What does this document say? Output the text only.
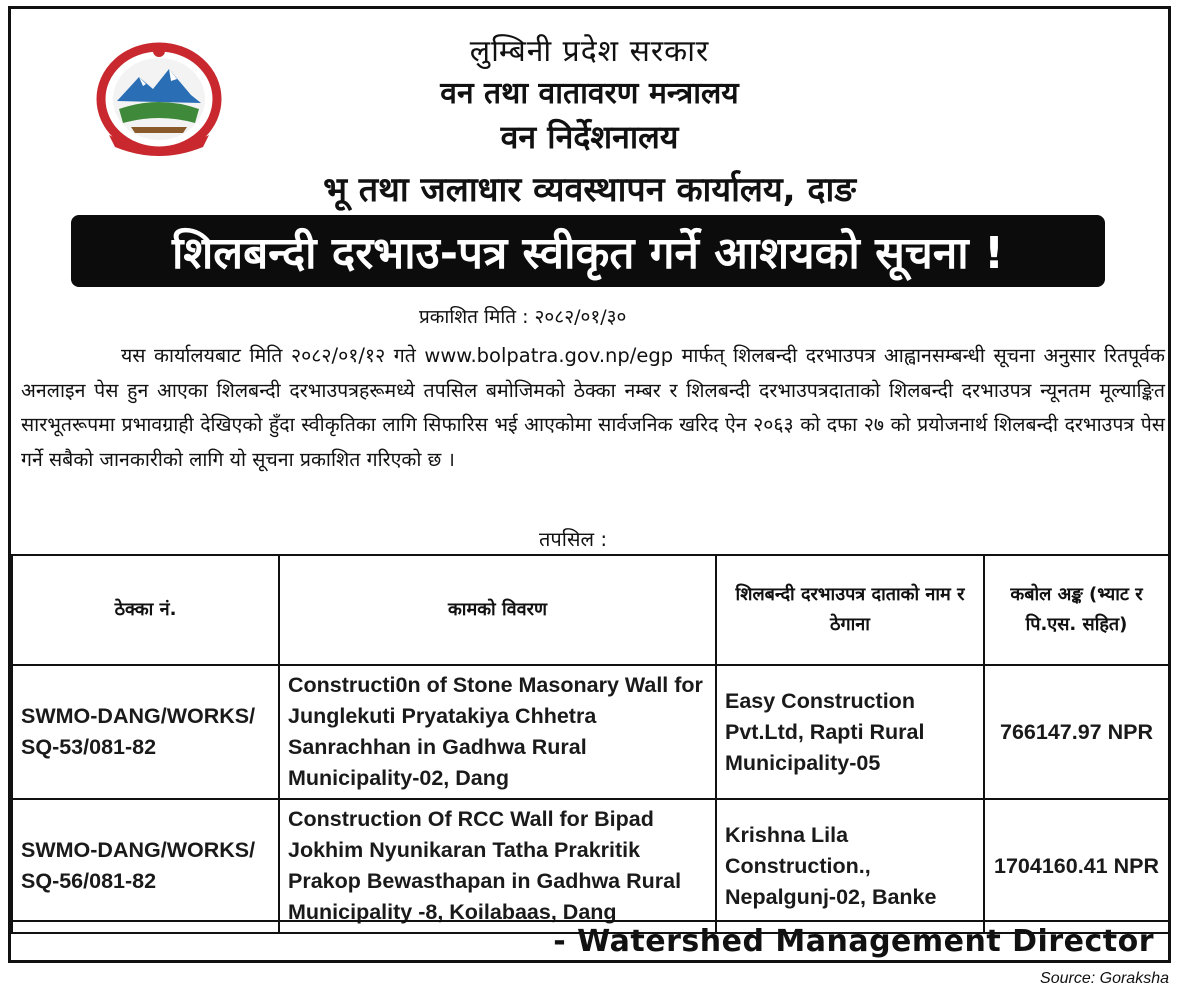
लुम्बिनी प्रदेश सरकार
वन तथा वातावरण मन्त्रालय
वन निर्देशनालय
भू तथा जलाधार व्यवस्थापन कार्यालय, दाङ
शिलबन्दी दरभाउ-पत्र स्वीकृत गर्ने आशयको सूचना !
प्रकाशित मिति : २०८२/०१/३०
यस कार्यालयबाट मिति २०८२/०१/१२ गते www.bolpatra.gov.np/egp मार्फत् शिलबन्दी दरभाउपत्र आह्वानसम्बन्धी सूचना अनुसार रितपूर्वक अनलाइन पेस हुन आएका शिलबन्दी दरभाउपत्रहरूमध्ये तपसिल बमोजिमको ठेक्का नम्बर र शिलबन्दी दरभाउपत्रदाताको शिलबन्दी दरभाउपत्र न्यूनतम मूल्याङ्कित सारभूतरूपमा प्रभावग्राही देखिएको हुँदा स्वीकृतिका लागि सिफारिस भई आएकोमा सार्वजनिक खरिद ऐन २०६३ को दफा २७ को प्रयोजनार्थ शिलबन्दी दरभाउपत्र पेस गर्ने सबैको जानकारीको लागि यो सूचना प्रकाशित गरिएको छ ।
तपसिल :
ठेक्का नं.	कामको विवरण	शिलबन्दी दरभाउपत्र दाताको नाम र ठेगाना	कबोल अङ्क (भ्याट र पि.एस. सहित)
SWMO-DANG/WORKS/ SQ-53/081-82	Constructi0n of Stone Masonary Wall for Junglekuti Pryatakiya Chhetra Sanrachhan in Gadhwa Rural Municipality-02, Dang	Easy Construction Pvt.Ltd, Rapti Rural Municipality-05	766147.97 NPR
SWMO-DANG/WORKS/ SQ-56/081-82	Construction Of RCC Wall for Bipad Jokhim Nyunikaran Tatha Prakritik Prakop Bewasthapan in Gadhwa Rural Municipality -8, Koilabaas, Dang	Krishna Lila Construction., Nepalgunj-02, Banke	1704160.41 NPR
- Watershed Management Director
Source: Goraksha
